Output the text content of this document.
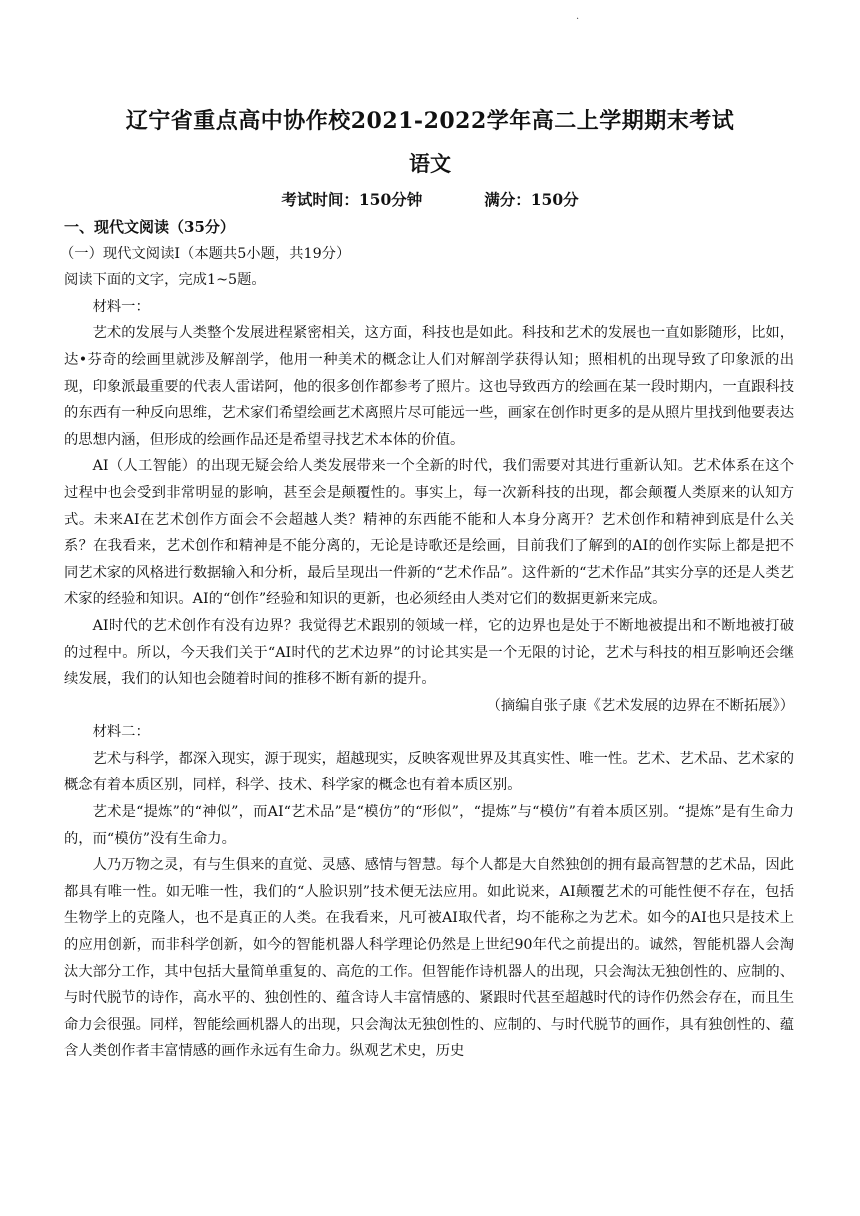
·
辽宁省重点高中协作校2021-2022学年高二上学期期末考试
语文
考试时间：150分钟	满分：150分

一、现代文阅读（35分）

（一）现代文阅读Ⅰ（本题共5小题，共19分）

阅读下面的文字，完成1~5题。

材料一：

艺术的发展与人类整个发展进程紧密相关，这方面，科技也是如此。科技和艺术的发展也一直如影随形，比如，达•芬奇的绘画里就涉及解剖学，他用一种美术的概念让人们对解剖学获得认知；照相机的出现导致了印象派的出现，印象派最重要的代表人雷诺阿，他的很多创作都参考了照片。这也导致西方的绘画在某一段时期内，一直跟科技的东西有一种反向思维，艺术家们希望绘画艺术离照片尽可能远一些，画家在创作时更多的是从照片里找到他要表达的思想内涵，但形成的绘画作品还是希望寻找艺术本体的价值。

AI（人工智能）的出现无疑会给人类发展带来一个全新的时代，我们需要对其进行重新认知。艺术体系在这个过程中也会受到非常明显的影响，甚至会是颠覆性的。事实上，每一次新科技的出现，都会颠覆人类原来的认知方式。未来AI在艺术创作方面会不会超越人类？精神的东西能不能和人本身分离开？艺术创作和精神到底是什么关系？在我看来，艺术创作和精神是不能分离的，无论是诗歌还是绘画，目前我们了解到的AI的创作实际上都是把不同艺术家的风格进行数据输入和分析，最后呈现出一件新的“艺术作品”。这件新的“艺术作品”其实分享的还是人类艺术家的经验和知识。AI的“创作”经验和知识的更新，也必须经由人类对它们的数据更新来完成。

AI时代的艺术创作有没有边界？我觉得艺术跟别的领域一样，它的边界也是处于不断地被提出和不断地被打破的过程中。所以，今天我们关于“AI时代的艺术边界”的讨论其实是一个无限的讨论，艺术与科技的相互影响还会继续发展，我们的认知也会随着时间的推移不断有新的提升。

（摘编自张子康《艺术发展的边界在不断拓展》）

材料二：

艺术与科学，都深入现实，源于现实，超越现实，反映客观世界及其真实性、唯一性。艺术、艺术品、艺术家的概念有着本质区别，同样，科学、技术、科学家的概念也有着本质区别。

艺术是“提炼”的“神似”，而AI“艺术品”是“模仿”的“形似”，“提炼”与“模仿”有着本质区别。“提炼”是有生命力的，而“模仿”没有生命力。

人乃万物之灵，有与生俱来的直觉、灵感、感情与智慧。每个人都是大自然独创的拥有最高智慧的艺术品，因此都具有唯一性。如无唯一性，我们的“人脸识别”技术便无法应用。如此说来，AI颠覆艺术的可能性便不存在，包括生物学上的克隆人，也不是真正的人类。在我看来，凡可被AI取代者，均不能称之为艺术。如今的AI也只是技术上的应用创新，而非科学创新，如今的智能机器人科学理论仍然是上世纪90年代之前提出的。诚然，智能机器人会淘汰大部分工作，其中包括大量简单重复的、高危的工作。但智能作诗机器人的出现，只会淘汰无独创性的、应制的、与时代脱节的诗作，高水平的、独创性的、蕴含诗人丰富情感的、紧跟时代甚至超越时代的诗作仍然会存在，而且生命力会很强。同样，智能绘画机器人的出现，只会淘汰无独创性的、应制的、与时代脱节的画作，具有独创性的、蕴含人类创作者丰富情感的画作永远有生命力。纵观艺术史，历史
